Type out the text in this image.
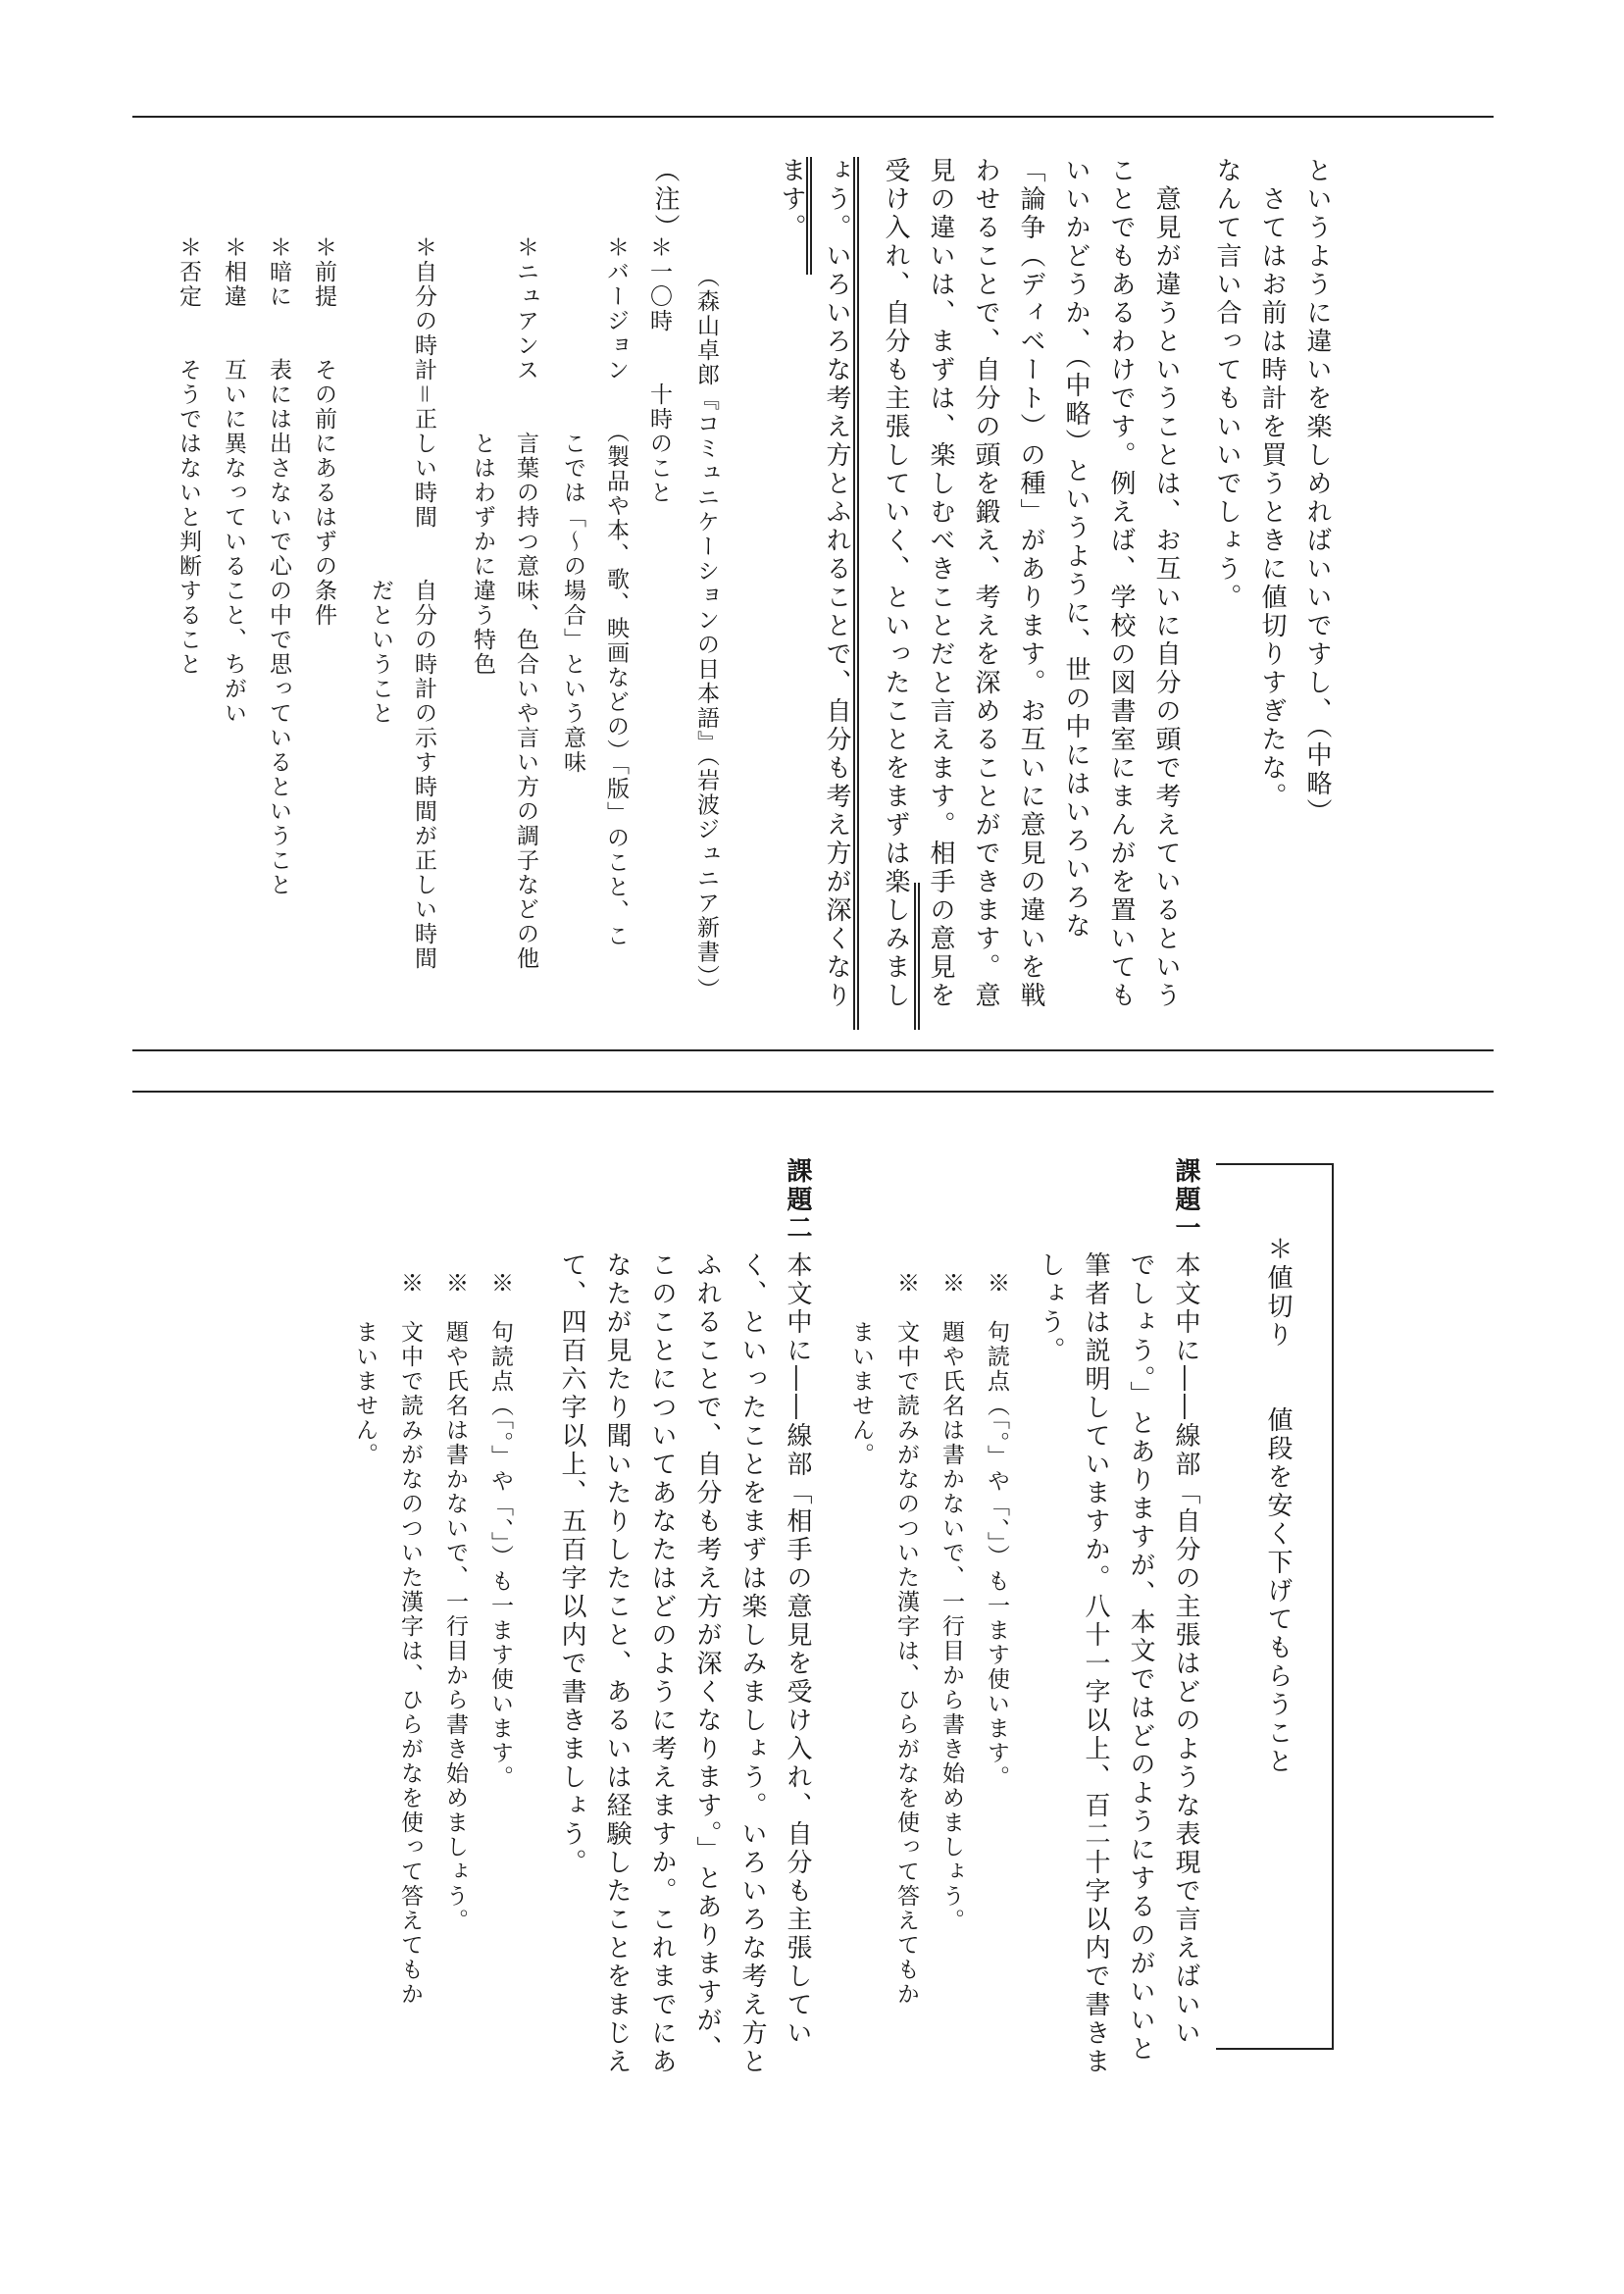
というように違いを楽しめればいいですし、（中略）
　さてはお前は時計を買うときに値切りすぎたな。
なんて言い合ってもいいでしょう。
　意見が違うということは、お互いに自分の頭で考えているという
ことでもあるわけです。例えば、学校の図書室にまんがを置いても
いいかどうか、（中略）というように、世の中にはいろいろな
「論争（ディベート）の種」があります。お互いに意見の違いを戦
わせることで、自分の頭を鍛え、考えを深めることができます。意
見の違いは、まずは、楽しむべきことだと言えます。相手の意見を
受け入れ、自分も主張していく、といったことをまずは楽しみまし
ょう。いろいろな考え方とふれることで、自分も考え方が深くなり
ます。
（森山卓郎『コミュニケーションの日本語』（岩波ジュニア新書））
（注）
＊一〇時　　十時のこと
＊バージョン　　（製品や本、歌、映画などの）「版」のこと、こ
　　　　　　　　こでは「〜の場合」という意味
＊ニュアンス　　言葉の持つ意味、色合いや言い方の調子などの他
　　　　　　　　とはわずかに違う特色
＊自分の時計＝正しい時間　　自分の時計の示す時間が正しい時間
　　　　　　　　　　　　　　だということ
＊前提　　その前にあるはずの条件
＊暗に　　表には出さないで心の中で思っているということ
＊相違　　互いに異なっていること、ちがい
＊否定　　そうではないと判断すること
＊値切り　　値段を安く下げてもらうこと
課題一
本文中に――線部「自分の主張はどのような表現で言えばいい
でしょう。」とありますが、本文ではどのようにするのがいいと
筆者は説明していますか。八十一字以上、百二十字以内で書きま
しょう。
※　句読点（「。」や「、」）も一ます使います。
※　題や氏名は書かないで、一行目から書き始めましょう。
※　文中で読みがなのついた漢字は、ひらがなを使って答えてもか
　　まいません。
課題二
本文中に――線部「相手の意見を受け入れ、自分も主張してい
く、といったことをまずは楽しみましょう。いろいろな考え方と
ふれることで、自分も考え方が深くなります。」とありますが、
このことについてあなたはどのように考えますか。これまでにあ
なたが見たり聞いたりしたこと、あるいは経験したことをまじえ
て、四百六字以上、五百字以内で書きましょう。
※　句読点（「。」や「、」）も一ます使います。
※　題や氏名は書かないで、一行目から書き始めましょう。
※　文中で読みがなのついた漢字は、ひらがなを使って答えてもか
　　まいません。
